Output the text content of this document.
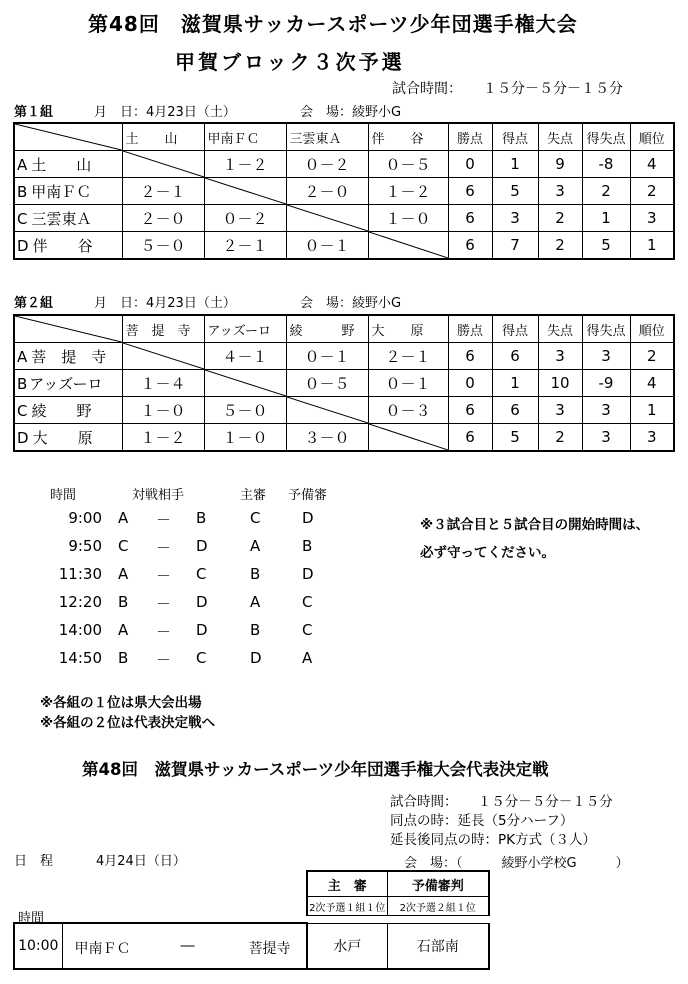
第48回　滋賀県サッカースポーツ少年団選手権大会
甲賀ブロック３次予選
試合時間：　　１５分－５分－１５分
第１組	月　日：4月23日（土）	会　場：綾野小G
	土　　山	甲南ＦＣ	三雲東Ａ	伴　　谷	勝点	得点	失点	得失点	順位
A 土　　山		１－２	０－２	０－５	0	1	9	-8	4
B 甲南ＦＣ	２－１		２－０	１－２	6	5	3	2	2
C 三雲東Ａ	２－０	０－２		１－０	6	3	2	1	3
D 伴　　谷	５－０	２－１	０－１		6	7	2	5	1
第２組	月　日：4月23日（土）	会　場：綾野小G
	菩　提　寺	アッズーロ	綾　　　野	大　　原	勝点	得点	失点	得失点	順位
A 菩　提　寺		４－１	０－１	２－１	6	6	3	3	2
B アッズーロ	１－４		０－５	０－１	0	1	10	-9	4
C 綾　　野	１－０	５－０		０－３	6	6	3	3	1
D 大　　原	１－２	１－０	３－０		6	5	2	3	3
時間	対戦相手	主審 予備審
9:00 A － B	C	D
9:50 C － D	A	B
11:30 A － C	B	D
12:20 B － D	A	C
14:00 A － D	B	C
14:50 B － C	D	A
※３試合目と５試合目の開始時間は、
必ず守ってください。
※各組の１位は県大会出場
※各組の２位は代表決定戦へ
第48回　滋賀県サッカースポーツ少年団選手権大会代表決定戦
試合時間：　　１５分－５分－１５分
同点の時：延長（5分ハーフ）
延長後同点の時：PK方式（３人）
日　程	4月24日（日）	会　場：（　　　綾野小学校G　　　）
主　審	予備審判
2次予選１組１位	2次予選２組１位
時間
10:00	甲南ＦＣ	―	菩提寺	水戸	石部南
